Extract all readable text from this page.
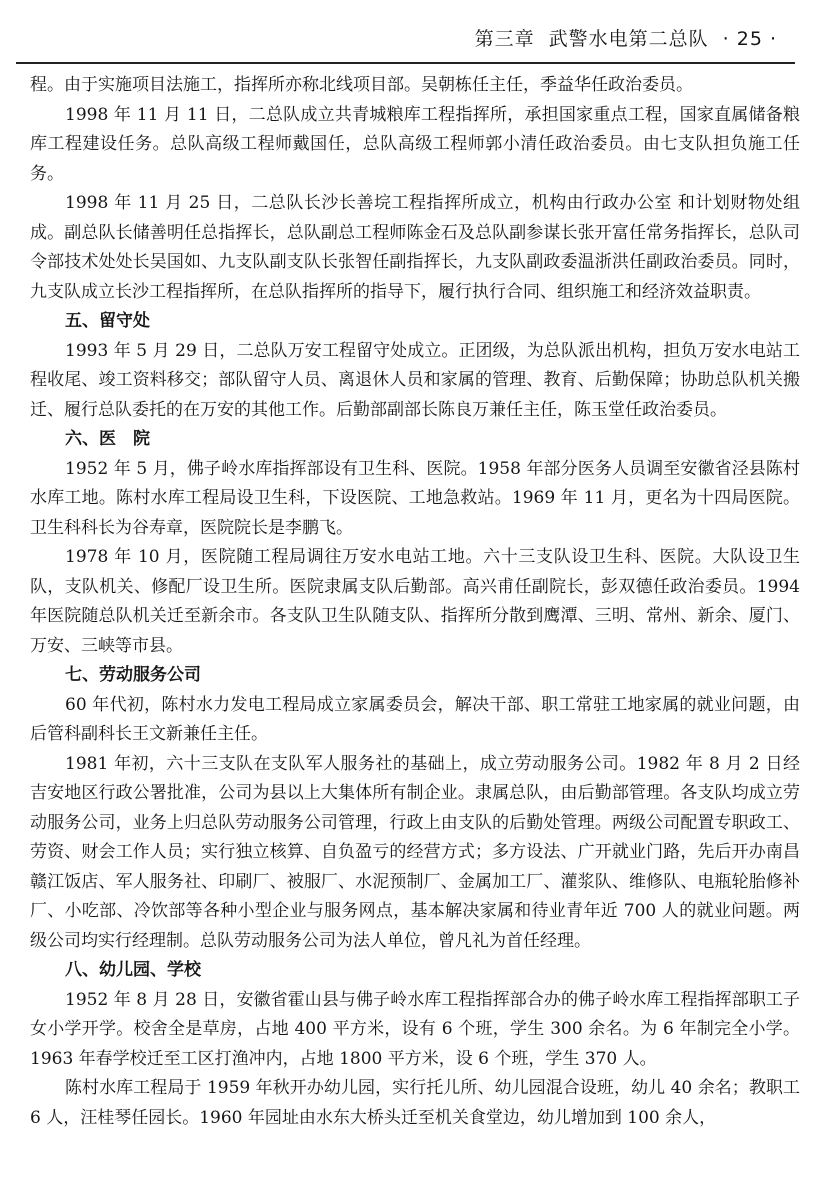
第三章 武警水电第二总队 · 25 ·

程。由于实施项目法施工，指挥所亦称北线项目部。吴朝栋任主任，季益华任政治委员。

1998 年 11 月 11 日，二总队成立共青城粮库工程指挥所，承担国家重点工程，国家直属储备粮库工程建设任务。总队高级工程师戴国任，总队高级工程师郭小清任政治委员。由七支队担负施工任务。

1998 年 11 月 25 日，二总队长沙长善垸工程指挥所成立，机构由行政办公室 和计划财物处组成。副总队长储善明任总指挥长，总队副总工程师陈金石及总队副参谋长张开富任常务指挥长，总队司令部技术处处长吴国如、九支队副支队长张智任副指挥长，九支队副政委温浙洪任副政治委员。同时，九支队成立长沙工程指挥所，在总队指挥所的指导下，履行执行合同、组织施工和经济效益职责。

五、留守处

1993 年 5 月 29 日，二总队万安工程留守处成立。正团级，为总队派出机构，担负万安水电站工程收尾、竣工资料移交；部队留守人员、离退休人员和家属的管理、教育、后勤保障；协助总队机关搬迁、履行总队委托的在万安的其他工作。后勤部副部长陈良万兼任主任，陈玉堂任政治委员。

六、医　院

1952 年 5 月，佛子岭水库指挥部设有卫生科、医院。1958 年部分医务人员调至安徽省泾县陈村水库工地。陈村水库工程局设卫生科，下设医院、工地急救站。1969 年 11 月，更名为十四局医院。卫生科科长为谷寿章，医院院长是李鹏飞。

1978 年 10 月，医院随工程局调往万安水电站工地。六十三支队设卫生科、医院。大队设卫生队，支队机关、修配厂设卫生所。医院隶属支队后勤部。高兴甫任副院长，彭双德任政治委员。1994 年医院随总队机关迁至新余市。各支队卫生队随支队、指挥所分散到鹰潭、三明、常州、新余、厦门、万安、三峡等市县。

七、劳动服务公司

60 年代初，陈村水力发电工程局成立家属委员会，解决干部、职工常驻工地家属的就业问题，由后管科副科长王文新兼任主任。

1981 年初，六十三支队在支队军人服务社的基础上，成立劳动服务公司。1982 年 8 月 2 日经吉安地区行政公署批准，公司为县以上大集体所有制企业。隶属总队，由后勤部管理。各支队均成立劳动服务公司，业务上归总队劳动服务公司管理，行政上由支队的后勤处管理。两级公司配置专职政工、劳资、财会工作人员；实行独立核算、自负盈亏的经营方式；多方设法、广开就业门路，先后开办南昌赣江饭店、军人服务社、印刷厂、被服厂、水泥预制厂、金属加工厂、灌浆队、维修队、电瓶轮胎修补厂、小吃部、冷饮部等各种小型企业与服务网点，基本解决家属和待业青年近 700 人的就业问题。两级公司均实行经理制。总队劳动服务公司为法人单位，曾凡礼为首任经理。

八、幼儿园、学校

1952 年 8 月 28 日，安徽省霍山县与佛子岭水库工程指挥部合办的佛子岭水库工程指挥部职工子女小学开学。校舍全是草房，占地 400 平方米，设有 6 个班，学生 300 余名。为 6 年制完全小学。1963 年春学校迁至工区打渔冲内，占地 1800 平方米，设 6 个班，学生 370 人。

陈村水库工程局于 1959 年秋开办幼儿园，实行托儿所、幼儿园混合设班，幼儿 40 余名；教职工 6 人，汪桂琴任园长。1960 年园址由水东大桥头迁至机关食堂边，幼儿增加到 100 余人，
